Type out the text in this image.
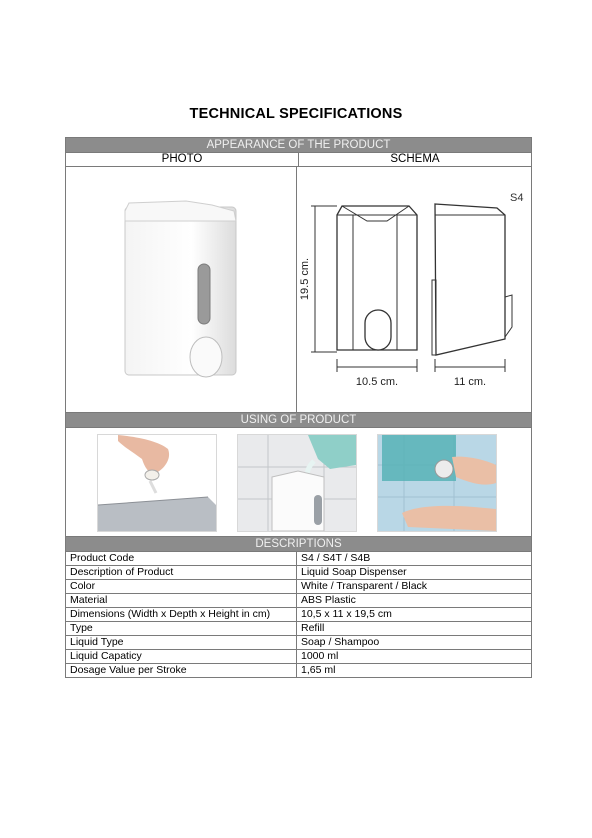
TECHNICAL SPECIFICATIONS
APPEARANCE OF THE PRODUCT
PHOTO	SCHEMA
S4
19.5 cm.
10.5 cm.	11 cm.
USING OF PRODUCT
DESCRIPTIONS
Product Code	S4 / S4T / S4B
Description of Product	Liquid Soap Dispenser
Color	White / Transparent / Black
Material	ABS Plastic
Dimensions (Width x Depth x Height in cm)	10,5 x 11 x 19,5 cm
Type	Refill
Liquid Type	Soap / Shampoo
Liquid Capaticy	1000 ml
Dosage Value per Stroke	1,65 ml
